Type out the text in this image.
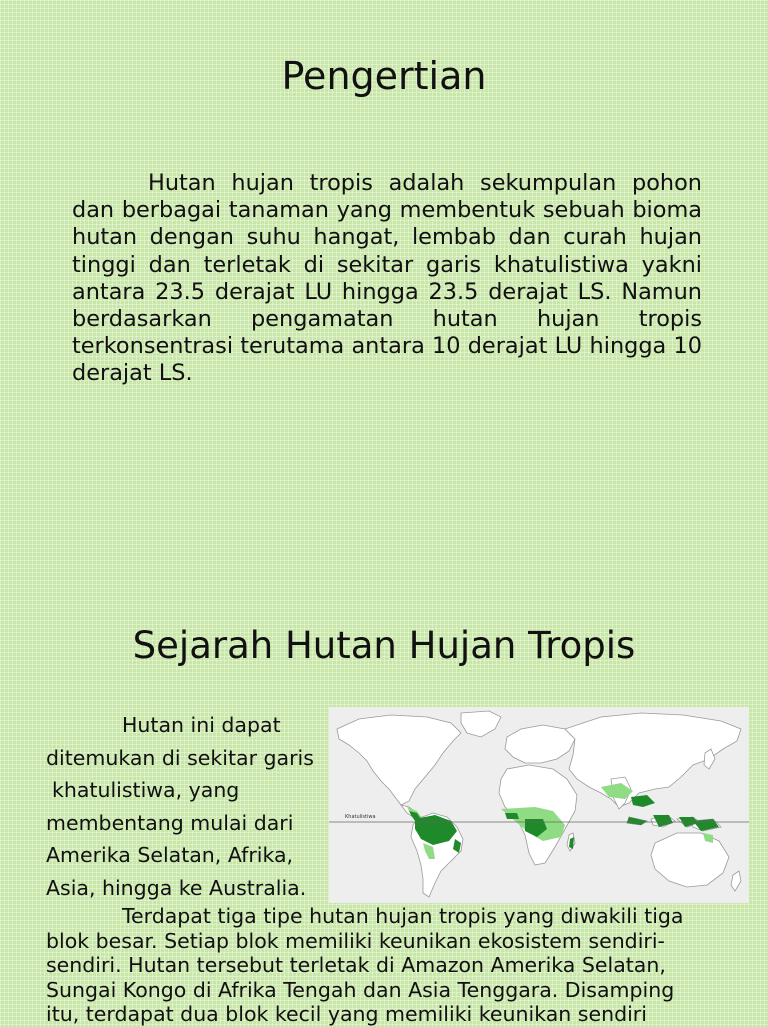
Pengertian

Hutan hujan tropis adalah sekumpulan pohon dan berbagai tanaman yang membentuk sebuah bioma hutan dengan suhu hangat, lembab dan curah hujan tinggi dan terletak di sekitar garis khatulistiwa yakni antara 23.5 derajat LU hingga 23.5 derajat LS. Namun berdasarkan pengamatan hutan hujan tropis terkonsentrasi terutama antara 10 derajat LU hingga 10 derajat LS.

Sejarah Hutan Hujan Tropis
Hutan ini dapat
ditemukan di sekitar garis
khatulistiwa, yang
membentang mulai dari
Amerika Selatan, Afrika,
Asia, hingga ke Australia.
Khatulistiwa

Terdapat tiga tipe hutan hujan tropis yang diwakili tiga
blok besar. Setiap blok memiliki keunikan ekosistem sendiri-
sendiri. Hutan tersebut terletak di Amazon Amerika Selatan,
Sungai Kongo di Afrika Tengah dan Asia Tenggara. Disamping
itu, terdapat dua blok kecil yang memiliki keunikan sendiri
